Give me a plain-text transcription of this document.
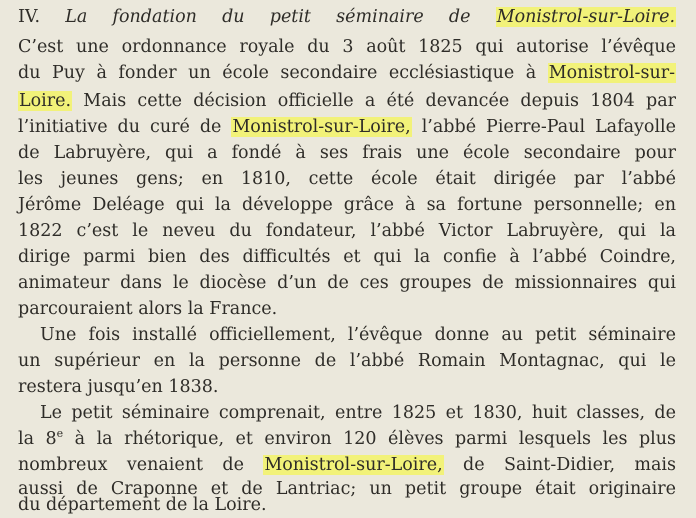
IV. La fondation du petit séminaire de Monistrol-sur-Loire.
C’est une ordonnance royale du 3 août 1825 qui autorise l’évêque
du Puy à fonder un école secondaire ecclésiastique à Monistrol-sur-
Loire. Mais cette décision officielle a été devancée depuis 1804 par
l’initiative du curé de Monistrol-sur-Loire, l’abbé Pierre-Paul Lafayolle
de Labruyère, qui a fondé à ses frais une école secondaire pour
les jeunes gens; en 1810, cette école était dirigée par l’abbé
Jérôme Deléage qui la développe grâce à sa fortune personnelle; en
1822 c’est le neveu du fondateur, l’abbé Victor Labruyère, qui la
dirige parmi bien des difficultés et qui la confie à l’abbé Coindre,
animateur dans le diocèse d’un de ces groupes de missionnaires qui
parcouraient alors la France.
Une fois installé officiellement, l’évêque donne au petit séminaire
un supérieur en la personne de l’abbé Romain Montagnac, qui le
restera jusqu’en 1838.
Le petit séminaire comprenait, entre 1825 et 1830, huit classes, de
la 8e à la rhétorique, et environ 120 élèves parmi lesquels les plus
nombreux venaient de Monistrol-sur-Loire, de Saint-Didier, mais
aussi de Craponne et de Lantriac; un petit groupe était originaire
du département de la Loire.
